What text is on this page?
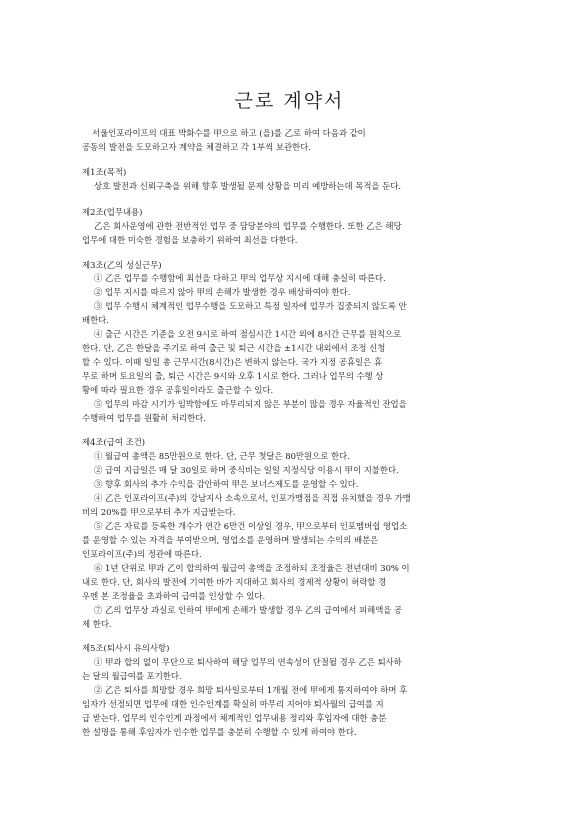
근로 계약서
서울인포라이프의 대표 박화수를 甲으로 하고 (을)를 乙로 하여 다음과 같이
공동의 발전을 도모하고자 계약을 체결하고 각 1부씩 보관한다.
제1조(목적)
상호 발전과 신뢰구축을 위해 향후 발생될 문제 상황을 미리 예방하는데 목적을 둔다.
제2조(업무내용)
乙은 회사운영에 관한 전반적인 업무 중 담당분야의 업무를 수행한다. 또한 乙은 해당
업무에 대한 미숙한 경험을 보충하기 위하여 최선을 다한다.
제3조(乙의 성실근무)
① 乙은 업무를 수행함에 최선을 다하고 甲의 업무상 지시에 대해 충실히 따른다.
② 업무 지시를 따르지 않아 甲의 손해가 발생한 경우 배상하여야 한다.
③ 업무 수행시 체계적인 업무수행을 도모하고 특정 일자에 업무가 집중되지 않도록 안
배한다.
④ 출근 시간은 기준을 오전 9시로 하여 점심시간 1시간 외에 8시간 근무를 원칙으로
한다. 단, 乙은 한달을 주기로 하여 출근 및 퇴근 시간을 ±1시간 내외에서 조정 신청
할 수 있다. 이때 일일 총 근무시간(8시간)은 변하지 않는다. 국가 지정 공휴일은 휴
무로 하며 토요일의 출, 퇴근 시간은 9시와 오후 1시로 한다. 그러나 업무의 수행 상
황에 따라 필요한 경우 공휴일이라도 출근할 수 있다.
⑤ 업무의 마감 시기가 임박함에도 마무리되지 않은 부분이 많을 경우 자율적인 잔업을
수행하여 업무를 원활히 처리한다.
제4조(급여 조건)
① 월급여 총액은 85만원으로 한다. 단, 근무 첫달은 80만원으로 한다.
② 급여 지급일은 매 달 30일로 하며 중식비는 일일 지정식당 이용시 甲이 지불한다.
③ 향후 회사의 추가 수익을 감안하여 甲은 보너스제도를 운영할 수 있다.
④ 乙은 인포라이프(주)의 강남지사 소속으로서, 인포가맹점을 직접 유치했을 경우 가맹
비의 20%를 甲으로부터 추가 지급받는다.
⑤ 乙은 자료를 등록한 개수가 연간 6만건 이상일 경우, 甲으로부터 인포멤버쉽 영업소
를 운영할 수 있는 자격을 부여받으며, 영업소를 운영하며 발생되는 수익의 배분은
인포라이프(주)의 정관에 따른다.
⑥ 1년 단위로 甲과 乙이 합의하여 월급여 총액을 조정하되 조정율은 전년대비 30% 이
내로 한다. 단, 회사의 발전에 기여한 바가 지대하고 회사의 경제적 상황이 허락할 경
우엔 본 조정율을 초과하여 급여를 인상할 수 있다.
⑦ 乙의 업무상 과실로 인하여 甲에게 손해가 발생할 경우 乙의 급여에서 피해액을 공
제 한다.
제5조(퇴사시 유의사항)
① 甲과 합의 없이 무단으로 퇴사하여 해당 업무의 연속성이 단절될 경우 乙은 퇴사하
는 달의 월급여를 포기한다.
② 乙은 퇴사를 희망할 경우 희망 퇴사일로부터 1개월 전에 甲에게 통지하여야 하며 후
임자가 선정되면 업무에 대한 인수인계를 확실히 마무리 지어야 퇴사월의 급여를 지
급 받는다. 업무의 인수인계 과정에서 체계적인 업무내용 정리와 후임자에 대한 충분
한 설명을 통해 후임자가 인수한 업무를 충분히 수행할 수 있게 하여야 한다.
